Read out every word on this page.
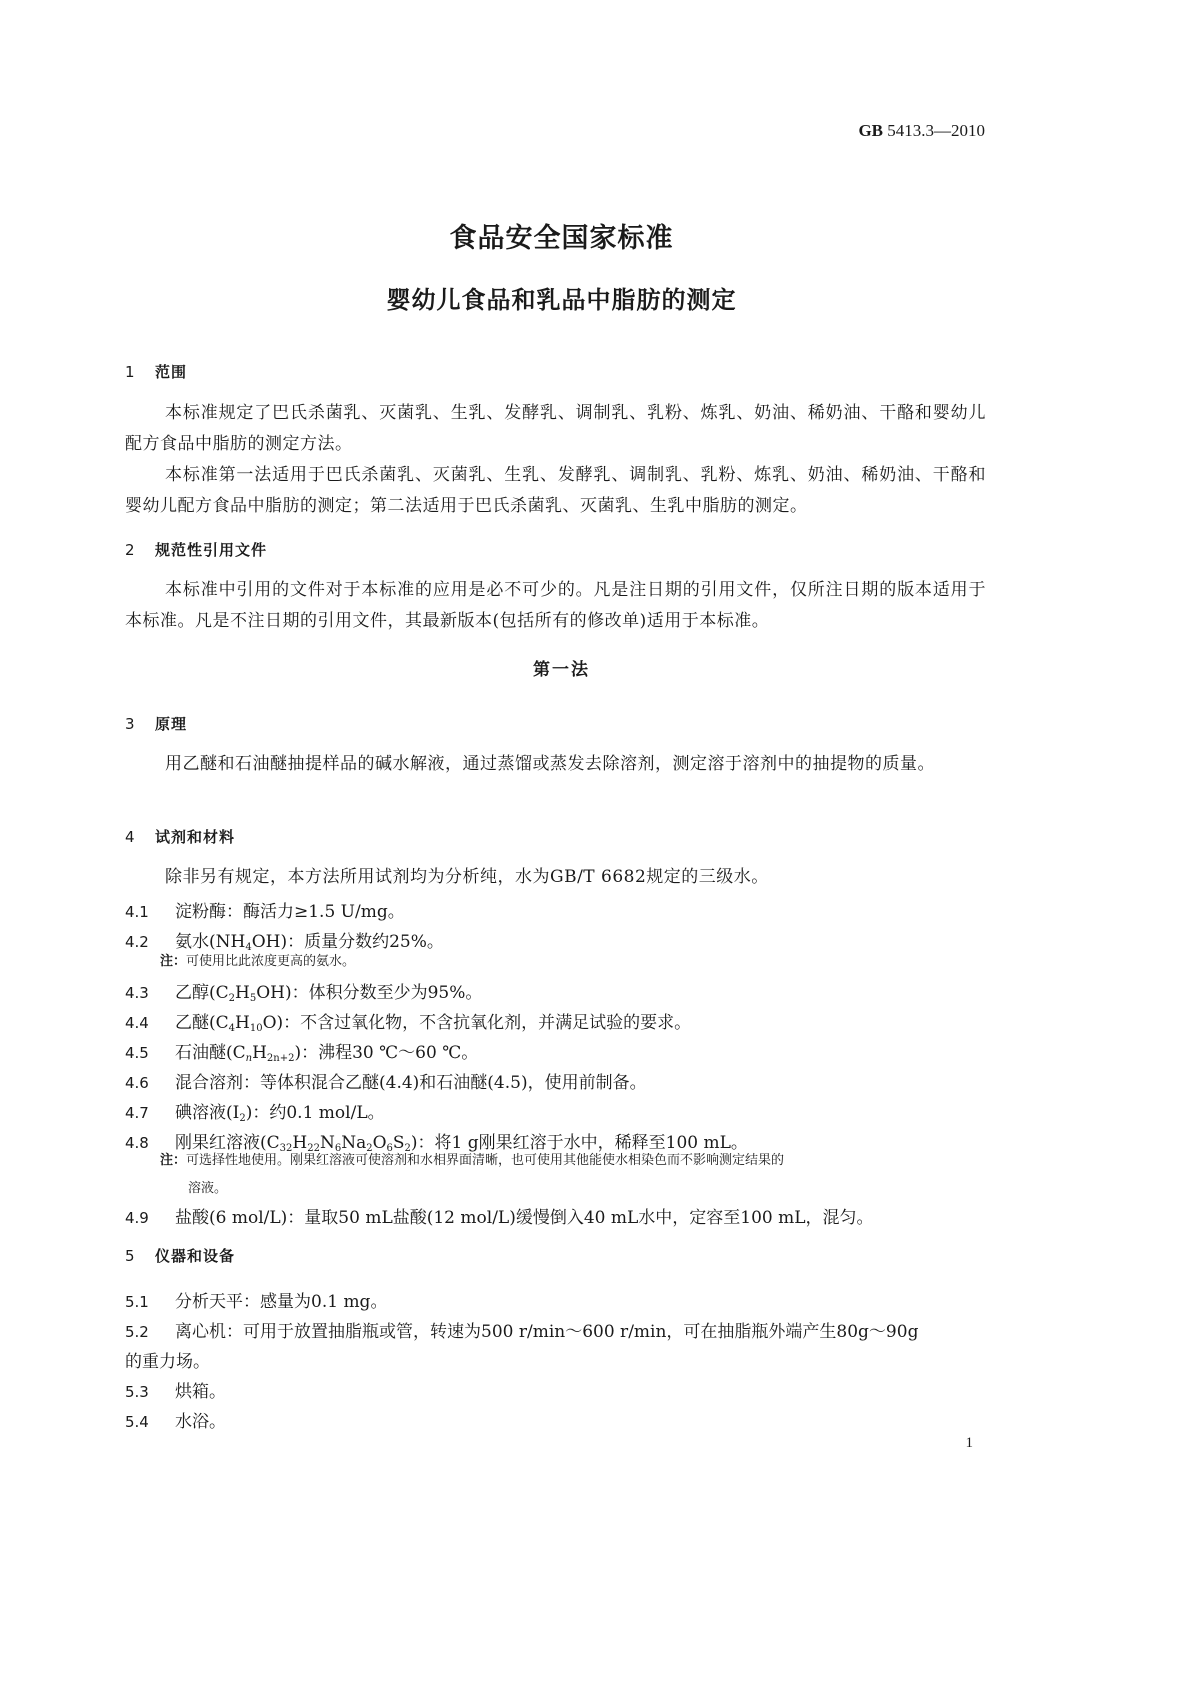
GB 5413.3—2010
食品安全国家标准
婴幼儿食品和乳品中脂肪的测定
1 范围
本标准规定了巴氏杀菌乳、灭菌乳、生乳、发酵乳、调制乳、乳粉、炼乳、奶油、稀奶油、干酪和婴幼儿配方食品中脂肪的测定方法。
本标准第一法适用于巴氏杀菌乳、灭菌乳、生乳、发酵乳、调制乳、乳粉、炼乳、奶油、稀奶油、干酪和婴幼儿配方食品中脂肪的测定；第二法适用于巴氏杀菌乳、灭菌乳、生乳中脂肪的测定。
2 规范性引用文件
本标准中引用的文件对于本标准的应用是必不可少的。凡是注日期的引用文件，仅所注日期的版本适用于本标准。凡是不注日期的引用文件，其最新版本(包括所有的修改单)适用于本标准。
第一法
3 原理
用乙醚和石油醚抽提样品的碱水解液，通过蒸馏或蒸发去除溶剂，测定溶于溶剂中的抽提物的质量。
4 试剂和材料
除非另有规定，本方法所用试剂均为分析纯，水为GB/T 6682规定的三级水。
4.1 淀粉酶：酶活力≥1.5 U/mg。
4.2 氨水$(NH_4OH)$：质量分数约25%。
注：可使用比此浓度更高的氨水。
4.3 乙醇$(C_2H_5OH)$：体积分数至少为95%。
4.4 乙醚$(C_4H_{10}O)$：不含过氧化物，不含抗氧化剂，并满足试验的要求。
4.5 石油醚$(C_nH_{2n+2})$：沸程30 ℃～60 ℃。
4.6 混合溶剂：等体积混合乙醚(4.4)和石油醚(4.5)，使用前制备。
4.7 碘溶液$(I_2)$：约0.1 mol/L。
4.8 刚果红溶液$(C_{32}H_{22}N_6Na_2O_6S_2)$：将1 g刚果红溶于水中，稀释至100 mL。
注：可选择性地使用。刚果红溶液可使溶剂和水相界面清晰，也可使用其他能使水相染色而不影响测定结果的
溶液。
4.9 盐酸(6 mol/L)：量取50 mL盐酸(12 mol/L)缓慢倒入40 mL水中，定容至100 mL，混匀。
5 仪器和设备
5.1 分析天平：感量为0.1 mg。
5.2 离心机：可用于放置抽脂瓶或管，转速为500 r/min～600 r/min，可在抽脂瓶外端产生80g～90g
的重力场。
5.3 烘箱。
5.4 水浴。
1
